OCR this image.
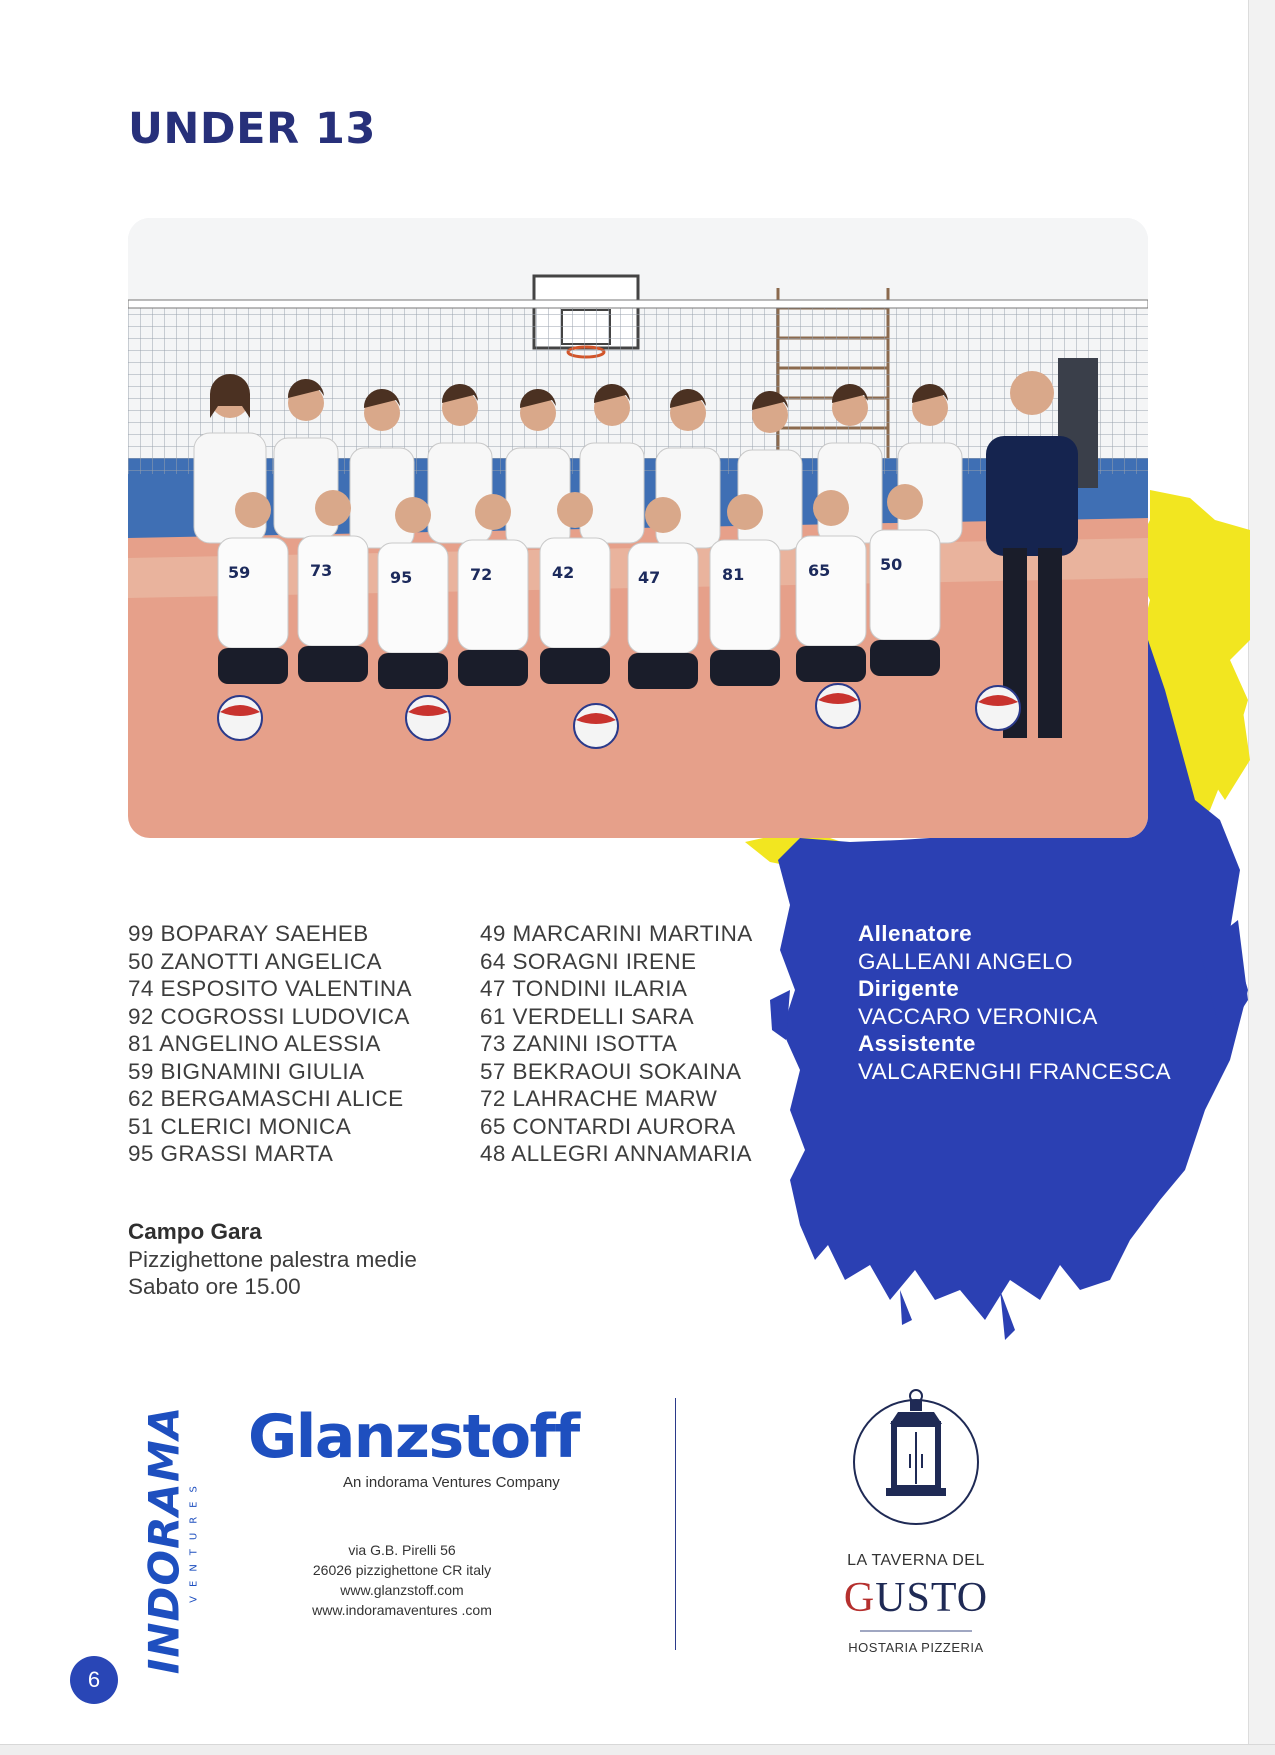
UNDER 13
59	73	95	72	42	47	81	65	50
99 BOPARAY SAEHEB
50 ZANOTTI ANGELICA
74 ESPOSITO VALENTINA
92 COGROSSI LUDOVICA
81 ANGELINO ALESSIA
59 BIGNAMINI GIULIA
62 BERGAMASCHI ALICE
51 CLERICI MONICA
95 GRASSI MARTA
49 MARCARINI MARTINA
64 SORAGNI IRENE
47 TONDINI ILARIA
61 VERDELLI SARA
73 ZANINI ISOTTA
57 BEKRAOUI SOKAINA
72 LAHRACHE MARW
65 CONTARDI AURORA
48 ALLEGRI ANNAMARIA
Allenatore
GALLEANI ANGELO
Dirigente
VACCARO VERONICA
Assistente
VALCARENGHI FRANCESCA
Campo Gara
Pizzighettone palestra medie
Sabato ore 15.00
INDORAMA VENTURES
Glanzstoff
An indorama Ventures Company
via G.B. Pirelli 56
26026 pizzighettone CR italy
www.glanzstoff.com
www.indoramaventures .com
LA TAVERNA DEL
GUSTO
HOSTARIA PIZZERIA
6
